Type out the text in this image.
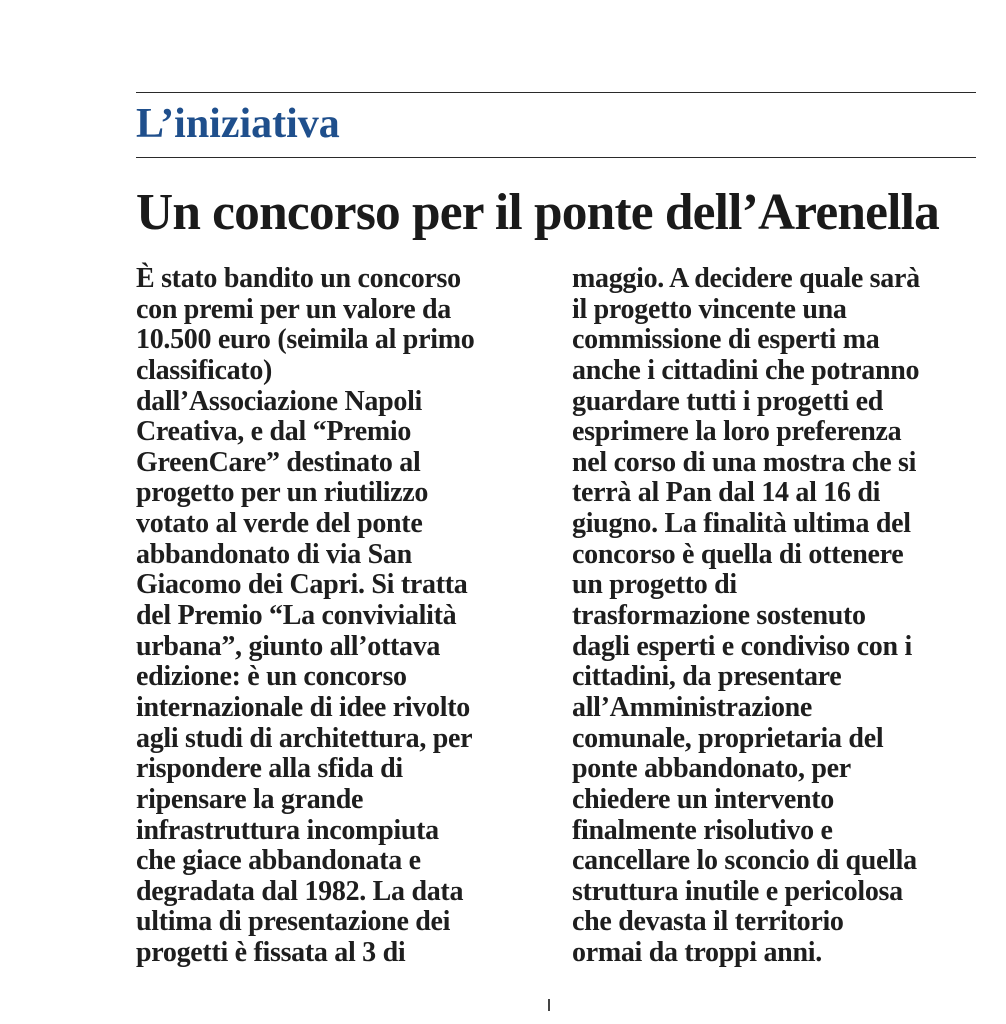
L’iniziativa
Un concorso per il ponte dell’Arenella
È stato bandito un concorso
con premi per un valore da
10.500 euro (seimila al primo
classificato)
dall’Associazione Napoli
Creativa, e dal “Premio
GreenCare” destinato al
progetto per un riutilizzo
votato al verde del ponte
abbandonato di via San
Giacomo dei Capri. Si tratta
del Premio “La convivialità
urbana”, giunto all’ottava
edizione: è un concorso
internazionale di idee rivolto
agli studi di architettura, per
rispondere alla sfida di
ripensare la grande
infrastruttura incompiuta
che giace abbandonata e
degradata dal 1982. La data
ultima di presentazione dei
progetti è fissata al 3 di
maggio. A decidere quale sarà
il progetto vincente una
commissione di esperti ma
anche i cittadini che potranno
guardare tutti i progetti ed
esprimere la loro preferenza
nel corso di una mostra che si
terrà al Pan dal 14 al 16 di
giugno. La finalità ultima del
concorso è quella di ottenere
un progetto di
trasformazione sostenuto
dagli esperti e condiviso con i
cittadini, da presentare
all’Amministrazione
comunale, proprietaria del
ponte abbandonato, per
chiedere un intervento
finalmente risolutivo e
cancellare lo sconcio di quella
struttura inutile e pericolosa
che devasta il territorio
ormai da troppi anni.
